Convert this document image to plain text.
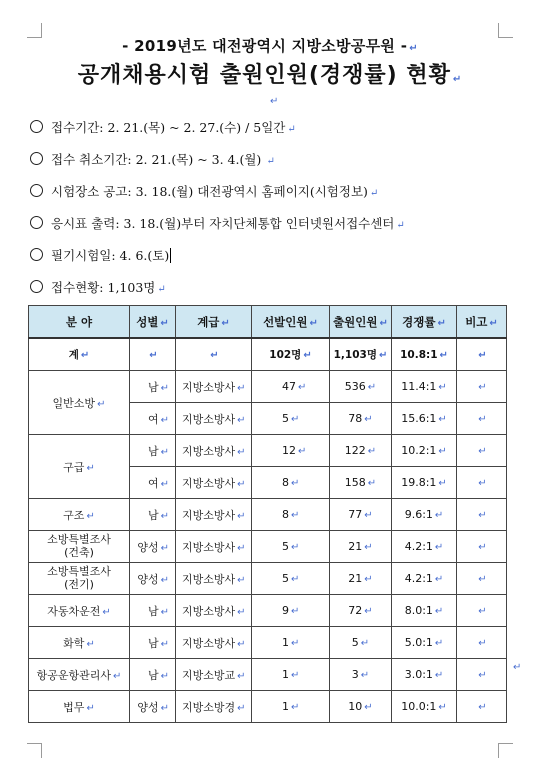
- 2019년도 대전광역시 지방소방공무원 - ↵
공개채용시험 출원인원(경쟁률) 현황 ↵
↵
접수기간: 2. 21.(목) ~ 2. 27.(수) / 5일간 ↵
접수 취소기간: 2. 21.(목) ~ 3. 4.(월) ↵
시험장소 공고: 3. 18.(월) 대전광역시 홈페이지(시험정보) ↵
응시표 출력: 3. 18.(월)부터 자치단체통합 인터넷원서접수센터 ↵
필기시험일: 4. 6.(토)
접수현황: 1,103명 ↵
분 야	성별 ↵	계급 ↵	선발인원 ↵	출원인원 ↵	경쟁률 ↵	비고 ↵
계 ↵	↵	↵	102명 ↵	1,103명 ↵	10.8:1 ↵	↵
일반소방 ↵	남 ↵	지방소방사 ↵	47 ↵	536 ↵	11.4:1 ↵	↵
	여 ↵	지방소방사 ↵	5 ↵	78 ↵	15.6:1 ↵	↵
구급 ↵	남 ↵	지방소방사 ↵	12 ↵	122 ↵	10.2:1 ↵	↵
	여 ↵	지방소방사 ↵	8 ↵	158 ↵	19.8:1 ↵	↵
구조 ↵	남 ↵	지방소방사 ↵	8 ↵	77 ↵	9.6:1 ↵	↵
소방특별조사
(건축)	양성 ↵	지방소방사 ↵	5 ↵	21 ↵	4.2:1 ↵	↵
소방특별조사
(전기)	양성 ↵	지방소방사 ↵	5 ↵	21 ↵	4.2:1 ↵	↵
자동차운전 ↵	남 ↵	지방소방사 ↵	9 ↵	72 ↵	8.0:1 ↵	↵
화학 ↵	남 ↵	지방소방사 ↵	1 ↵	5 ↵	5.0:1 ↵	↵
항공운항관리사 ↵	남 ↵	지방소방교 ↵	1 ↵	3 ↵	3.0:1 ↵	↵
법무 ↵	양성 ↵	지방소방경 ↵	1 ↵	10 ↵	10.0:1 ↵	↵
↵
